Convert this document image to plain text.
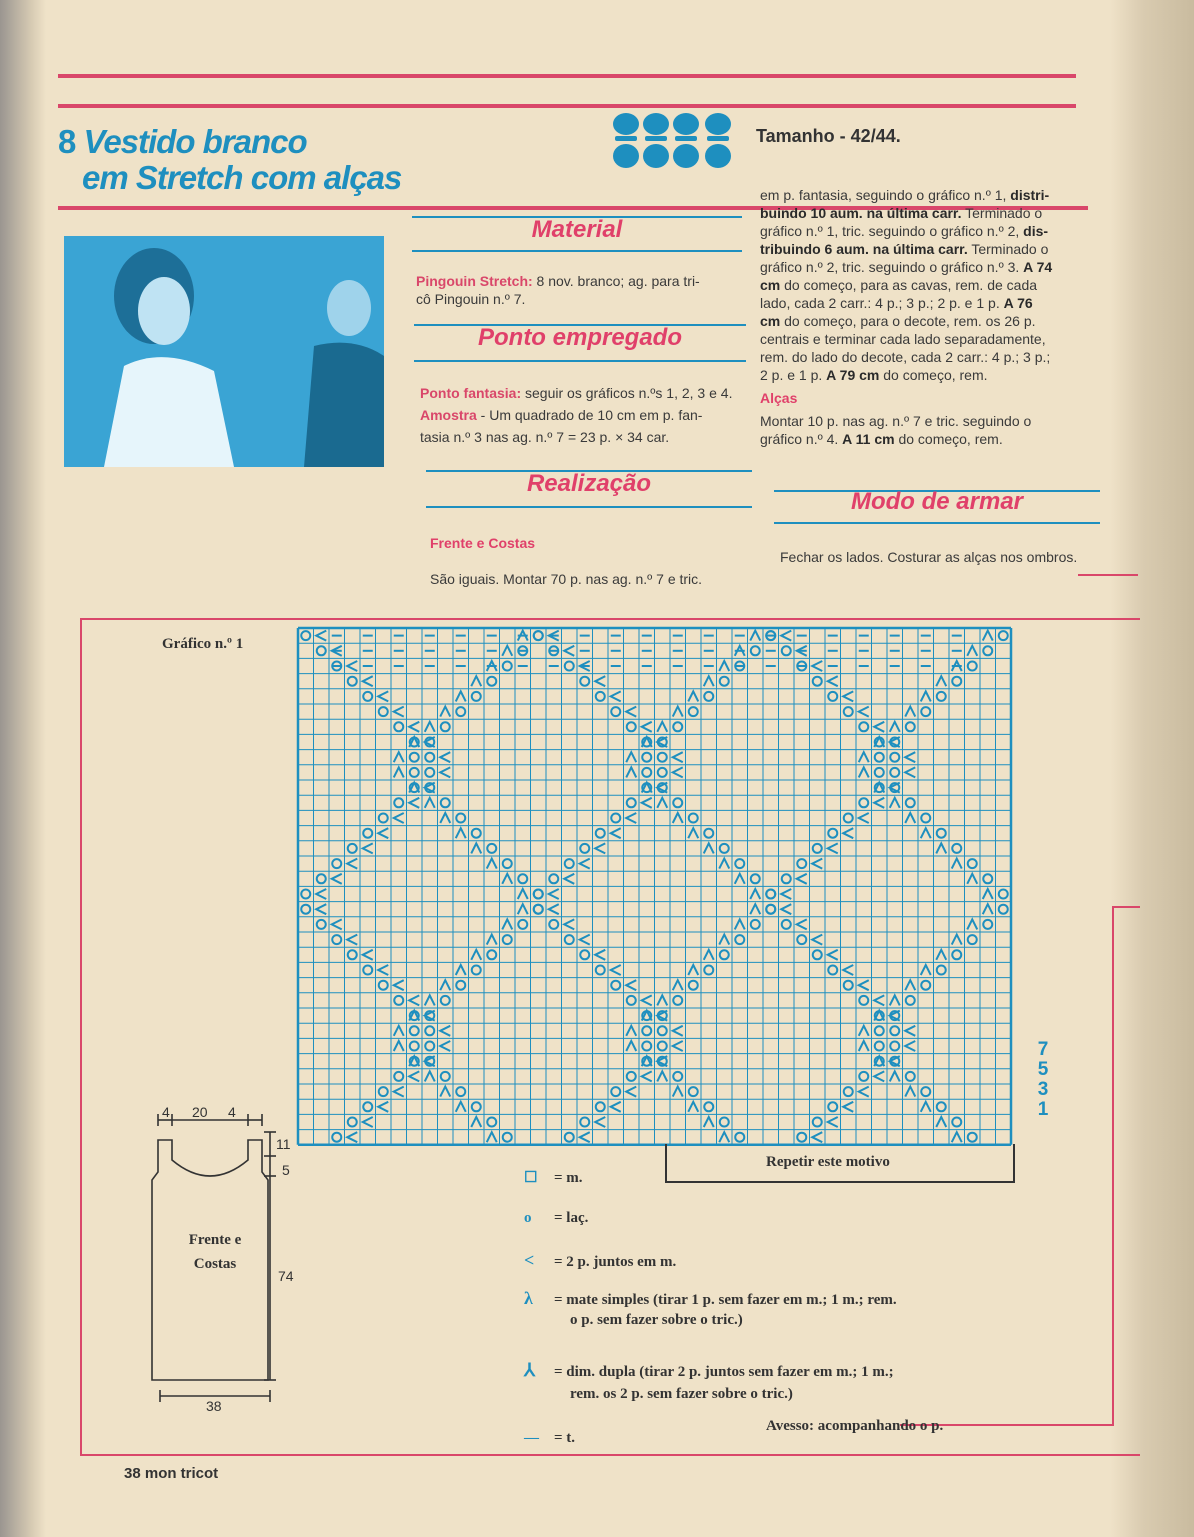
8 Vestido branco
em Stretch com alças
Tamanho - 42/44.
Material
Pingouin Stretch: 8 nov. branco; ag. para tri-
cô Pingouin n.º 7.
Ponto empregado
Ponto fantasia: seguir os gráficos n.ºs 1, 2, 3 e 4.
Amostra - Um quadrado de 10 cm em p. fan-
tasia n.º 3 nas ag. n.º 7 = 23 p. × 34 car.
Realização
Frente e Costas

São iguais. Montar 70 p. nas ag. n.º 7 e tric.
em p. fantasia, seguindo o gráfico n.º 1, distri-
buindo 10 aum. na última carr. Terminado o
gráfico n.º 1, tric. seguindo o gráfico n.º 2, dis-
tribuindo 6 aum. na última carr. Terminado o
gráfico n.º 2, tric. seguindo o gráfico n.º 3. A 74
cm do começo, para as cavas, rem. de cada
lado, cada 2 carr.: 4 p.; 3 p.; 2 p. e 1 p. A 76
cm do começo, para o decote, rem. os 26 p.
centrais e terminar cada lado separadamente,
rem. do lado do decote, cada 2 carr.: 4 p.; 3 p.;
2 p. e 1 p. A 79 cm do começo, rem.
Alças
Montar 10 p. nas ag. n.º 7 e tric. seguindo o
gráfico n.º 4. A 11 cm do começo, rem.
Modo de armar
Fechar os lados. Costurar as alças nos ombros.
Gráfico n.º 1
7
5
3
1
Repetir este motivo
4 20 4
11
5
74
38
Frente e
Costas
☐ = m.
o = laç.
< = 2 p. juntos em m.
λ = mate simples (tirar 1 p. sem fazer em m.; 1 m.; rem.
o p. sem fazer sobre o tric.)
⅄ = dim. dupla (tirar 2 p. juntos sem fazer em m.; 1 m.;
rem. os 2 p. sem fazer sobre o tric.)
— = t.
Avesso: acompanhando o p.
38 mon tricot
